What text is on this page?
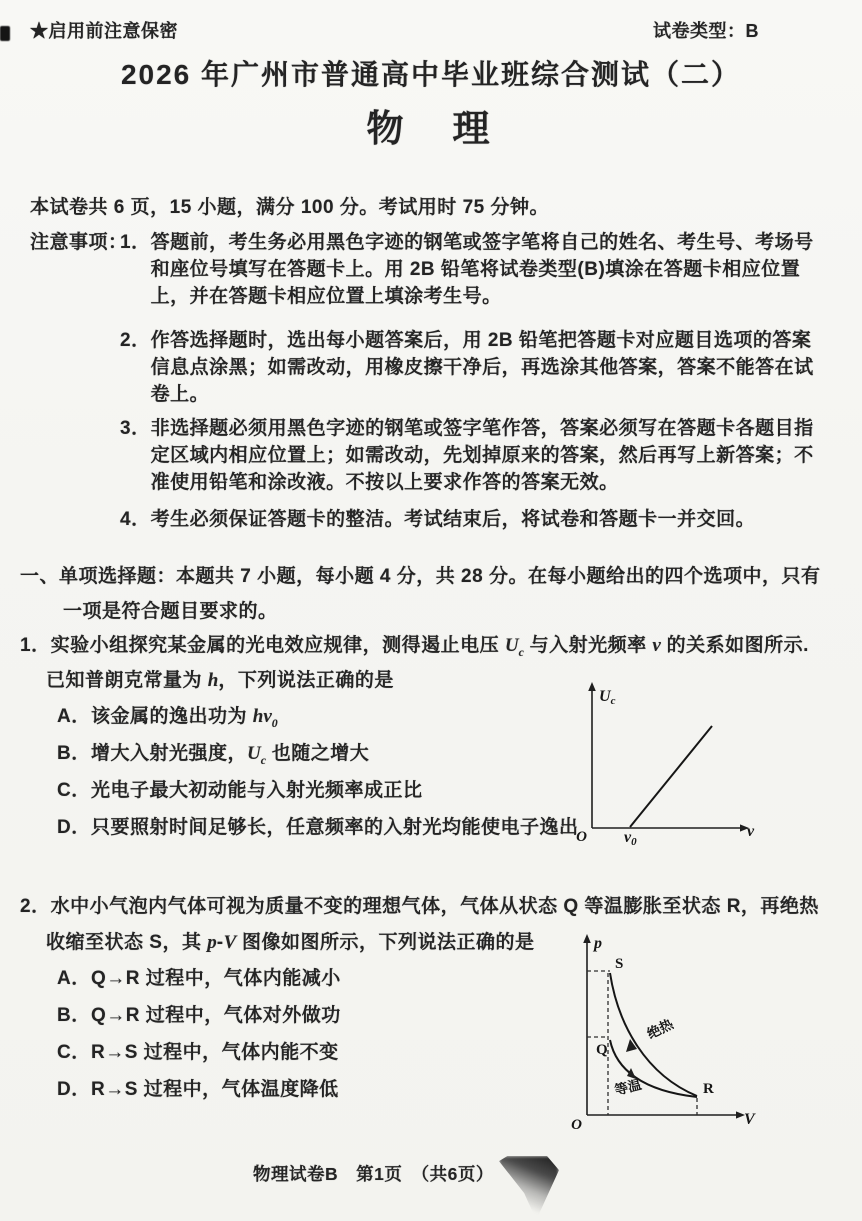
★启用前注意保密	试卷类型：B
2026 年广州市普通高中毕业班综合测试（二）
物　理
本试卷共 6 页，15 小题，满分 100 分。考试用时 75 分钟。
注意事项：
1． 答题前，考生务必用黑色字迹的钢笔或签字笔将自己的姓名、考生号、考场号和座位号填写在答题卡上。用 2B 铅笔将试卷类型(B)填涂在答题卡相应位置上，并在答题卡相应位置上填涂考生号。
2． 作答选择题时，选出每小题答案后，用 2B 铅笔把答题卡对应题目选项的答案信息点涂黑；如需改动，用橡皮擦干净后，再选涂其他答案，答案不能答在试卷上。
3． 非选择题必须用黑色字迹的钢笔或签字笔作答，答案必须写在答题卡各题目指定区域内相应位置上；如需改动，先划掉原来的答案，然后再写上新答案；不准使用铅笔和涂改液。不按以上要求作答的答案无效。
4． 考生必须保证答题卡的整洁。考试结束后，将试卷和答题卡一并交回。
一、单项选择题：本题共 7 小题，每小题 4 分，共 28 分。在每小题给出的四个选项中，只有
一项是符合题目要求的。
1． 实验小组探究某金属的光电效应规律，测得遏止电压 $U_c$ 与入射光频率 ν 的关系如图所示.
已知普朗克常量为 h，下列说法正确的是
A． 该金属的逸出功为 $h\nu_0$
B． 增大入射光强度，$U_c$ 也随之增大
C． 光电子最大初动能与入射光频率成正比
D． 只要照射时间足够长，任意频率的入射光均能使电子逸出
O
Uc
ν
ν0
2． 水中小气泡内气体可视为质量不变的理想气体，气体从状态 Q 等温膨胀至状态 R，再绝热
收缩至状态 S，其 p-V 图像如图所示，下列说法正确的是
A． Q→R 过程中，气体内能减小
B． Q→R 过程中，气体对外做功
C． R→S 过程中，气体内能不变
D． R→S 过程中，气体温度降低
p
V
O
S
Q
R
绝热
等温
物理试卷B　第1页　（共6页）
